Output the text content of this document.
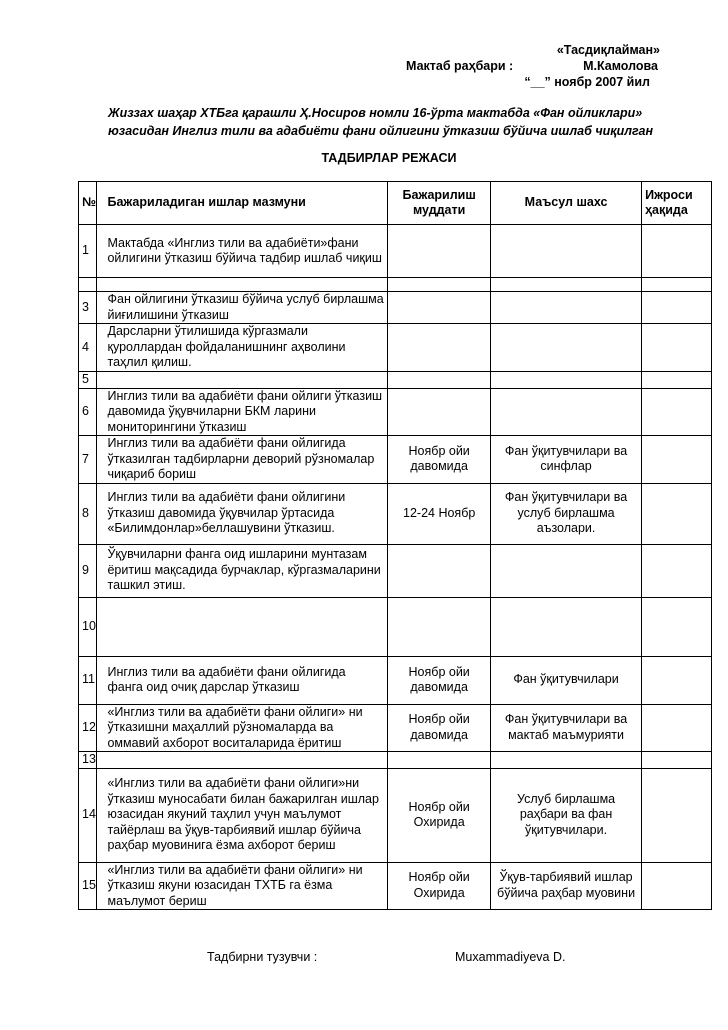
«Тасдиқлайман»
Мактаб раҳбари :	М.Камолова
“__” ноябр 2007 йил
Жиззах шаҳар ХТБга қарашли Ҳ.Носиров номли 16-ўрта мактабда «Фан ойликлари»
юзасидан Инглиз тили ва адабиёти фани ойлигини ўтказиш бўйича ишлаб чиқилган
ТАДБИРЛАР РЕЖАСИ
№	Бажариладиган ишлар мазмуни	Бажарилиш муддати	Маъсул шахс	Ижроси ҳақида
1	Мактабда «Инглиз тили ва адабиёти»фани ойлигини ўтказиш бўйича тадбир ишлаб чиқиш			

3	Фан ойлигини ўтказиш бўйича услуб бирлашма йиғилишини ўтказиш			
4	Дарсларни ўтилишида кўргазмали қуроллардан фойдаланишнинг аҳволини таҳлил қилиш.			
5				
6	Инглиз тили ва адабиёти фани ойлиги ўтказиш давомида ўқувчиларни БКМ ларини мониторингини ўтказиш			
7	Инглиз тили ва адабиёти фани ойлигида ўтказилган тадбирларни деворий рўзномалар чиқариб бориш	Ноябр ойи давомида	Фан ўқитувчилари ва синфлар	
8	Инглиз тили ва адабиёти фани ойлигини ўтказиш давомида ўқувчилар ўртасида «Билимдонлар»беллашувини ўтказиш.	12-24 Ноябр	Фан ўқитувчилари ва услуб бирлашма аъзолари.	
9	Ўқувчиларни фанга оид ишларини мунтазам ёритиш мақсадида бурчаклар, кўргазмаларини ташкил этиш.			
10				
11	Инглиз тили ва адабиёти фани ойлигида фанга оид очиқ дарслар ўтказиш	Ноябр ойи давомида	Фан ўқитувчилари	
12	«Инглиз тили ва адабиёти фани ойлиги» ни ўтказишни маҳаллий рўзномаларда ва оммавий ахборот воситаларида ёритиш	Ноябр ойи давомида	Фан ўқитувчилари ва мактаб маъмурияти	
13				
14	«Инглиз тили ва адабиёти фани ойлиги»ни ўтказиш муносабати билан бажарилган ишлар юзасидан якуний таҳлил учун маълумот тайёрлаш ва ўқув-тарбиявий ишлар бўйича раҳбар муовинига ёзма ахборот бериш	Ноябр ойи Охирида	Услуб бирлашма раҳбари ва фан ўқитувчилари.	
15	«Инглиз тили ва адабиёти фани ойлиги» ни ўтказиш якуни юзасидан ТХТБ га ёзма маълумот бериш	Ноябр ойи Охирида	Ўқув-тарбиявий ишлар бўйича раҳбар муовини	
Тадбирни тузувчи :	Muxammadiyeva D.
